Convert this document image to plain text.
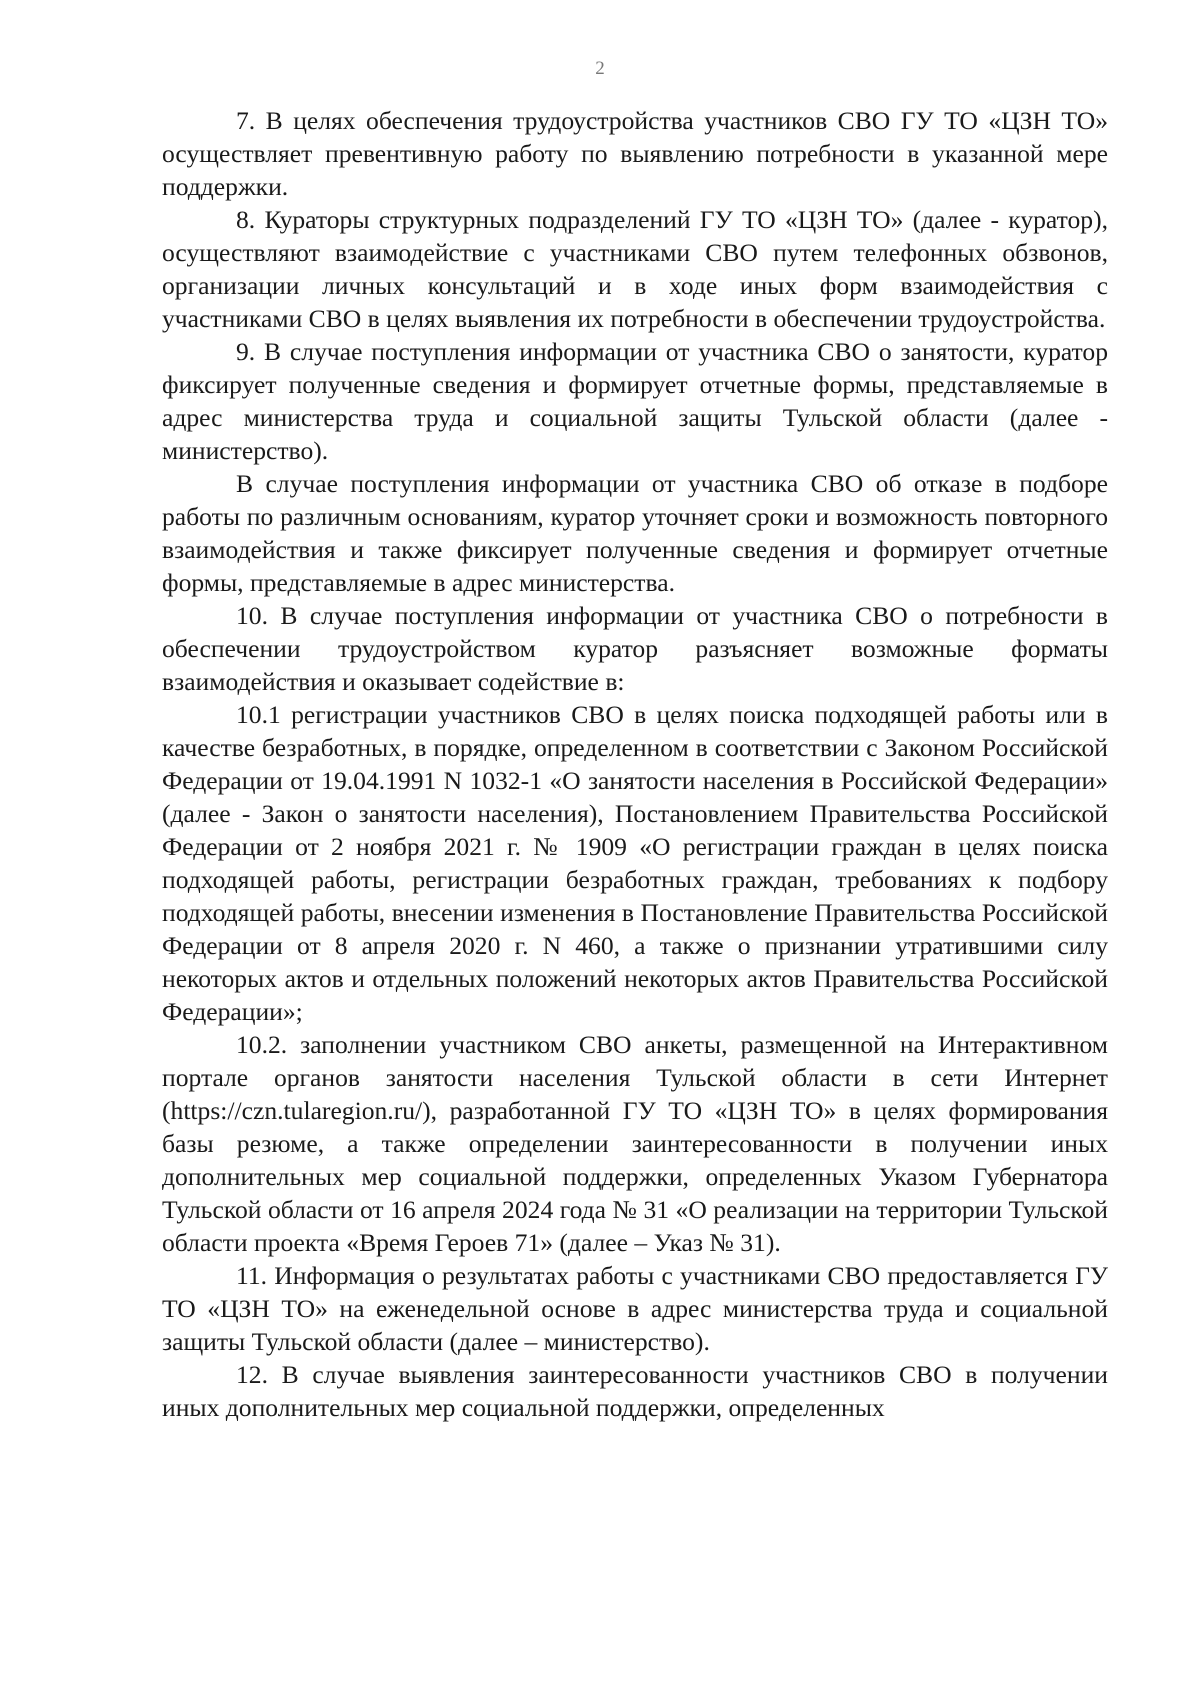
2

7. В целях обеспечения трудоустройства участников СВО ГУ ТО «ЦЗН ТО» осуществляет превентивную работу по выявлению потребности в указанной мере поддержки.

8. Кураторы структурных подразделений ГУ ТО «ЦЗН ТО» (далее - куратор), осуществляют взаимодействие с участниками СВО путем телефонных обзвонов, организации личных консультаций и в ходе иных форм взаимодействия с участниками СВО в целях выявления их потребности в обеспечении трудоустройства.

9. В случае поступления информации от участника СВО о занятости, куратор фиксирует полученные сведения и формирует отчетные формы, представляемые в адрес министерства труда и социальной защиты Тульской области (далее - министерство).

В случае поступления информации от участника СВО об отказе в подборе работы по различным основаниям, куратор уточняет сроки и возможность повторного взаимодействия и также фиксирует полученные сведения и формирует отчетные формы, представляемые в адрес министерства.

10. В случае поступления информации от участника СВО о потребности в обеспечении трудоустройством куратор разъясняет возможные форматы взаимодействия и оказывает содействие в:

10.1 регистрации участников СВО в целях поиска подходящей работы или в качестве безработных, в порядке, определенном в соответствии с Законом Российской Федерации от 19.04.1991 N 1032-1 «О занятости населения в Российской Федерации» (далее - Закон о занятости населения), Постановлением Правительства Российской Федерации от 2 ноября 2021 г. № 1909 «О регистрации граждан в целях поиска подходящей работы, регистрации безработных граждан, требованиях к подбору подходящей работы, внесении изменения в Постановление Правительства Российской Федерации от 8 апреля 2020 г. N 460, а также о признании утратившими силу некоторых актов и отдельных положений некоторых актов Правительства Российской Федерации»;

10.2. заполнении участником СВО анкеты, размещенной на Интерактивном портале органов занятости населения Тульской области в сети Интернет (https://czn.tularegion.ru/), разработанной ГУ ТО «ЦЗН ТО» в целях формирования базы резюме, а также определении заинтересованности в получении иных дополнительных мер социальной поддержки, определенных Указом Губернатора Тульской области от 16 апреля 2024 года № 31 «О реализации на территории Тульской области проекта «Время Героев 71» (далее – Указ № 31).

11. Информация о результатах работы с участниками СВО предоставляется ГУ ТО «ЦЗН ТО» на еженедельной основе в адрес министерства труда и социальной защиты Тульской области (далее – министерство).

12. В случае выявления заинтересованности участников СВО в получении иных дополнительных мер социальной поддержки, определенных
